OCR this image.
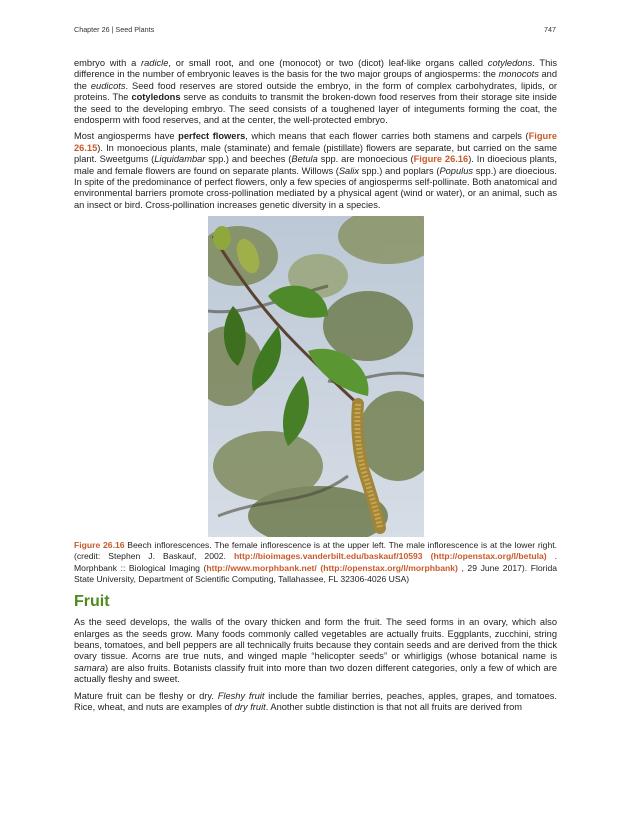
Chapter 26 | Seed Plants	747

embryo with a radicle, or small root, and one (monocot) or two (dicot) leaf-like organs called cotyledons. This difference in the number of embryonic leaves is the basis for the two major groups of angiosperms: the monocots and the eudicots. Seed food reserves are stored outside the embryo, in the form of complex carbohydrates, lipids, or proteins. The cotyledons serve as conduits to transmit the broken-down food reserves from their storage site inside the seed to the developing embryo. The seed consists of a toughened layer of integuments forming the coat, the endosperm with food reserves, and at the center, the well-protected embryo.

Most angiosperms have perfect flowers, which means that each flower carries both stamens and carpels (Figure 26.15). In monoecious plants, male (staminate) and female (pistillate) flowers are separate, but carried on the same plant. Sweetgums (Liquidambar spp.) and beeches (Betula spp. are monoecious (Figure 26.16). In dioecious plants, male and female flowers are found on separate plants. Willows (Salix spp.) and poplars (Populus spp.) are dioecious. In spite of the predominance of perfect flowers, only a few species of angiosperms self-pollinate. Both anatomical and environmental barriers promote cross-pollination mediated by a physical agent (wind or water), or an animal, such as an insect or bird. Cross-pollination increases genetic diversity in a species.

Figure 26.16 Beech inflorescences. The female inflorescence is at the upper left. The male inflorescence is at the lower right. (credit: Stephen J. Baskauf, 2002. http://bioimages.vanderbilt.edu/baskauf/10593 (http://openstax.org/l/betula) . Morphbank :: Biological Imaging (http://www.morphbank.net/ (http://openstax.org/l/morphbank) , 29 June 2017). Florida State University, Department of Scientific Computing, Tallahassee, FL 32306-4026 USA)

Fruit

As the seed develops, the walls of the ovary thicken and form the fruit. The seed forms in an ovary, which also enlarges as the seeds grow. Many foods commonly called vegetables are actually fruits. Eggplants, zucchini, string beans, tomatoes, and bell peppers are all technically fruits because they contain seeds and are derived from the thick ovary tissue. Acorns are true nuts, and winged maple “helicopter seeds” or whirligigs (whose botanical name is samara) are also fruits. Botanists classify fruit into more than two dozen different categories, only a few of which are actually fleshy and sweet.

Mature fruit can be fleshy or dry. Fleshy fruit include the familiar berries, peaches, apples, grapes, and tomatoes. Rice, wheat, and nuts are examples of dry fruit. Another subtle distinction is that not all fruits are derived from
